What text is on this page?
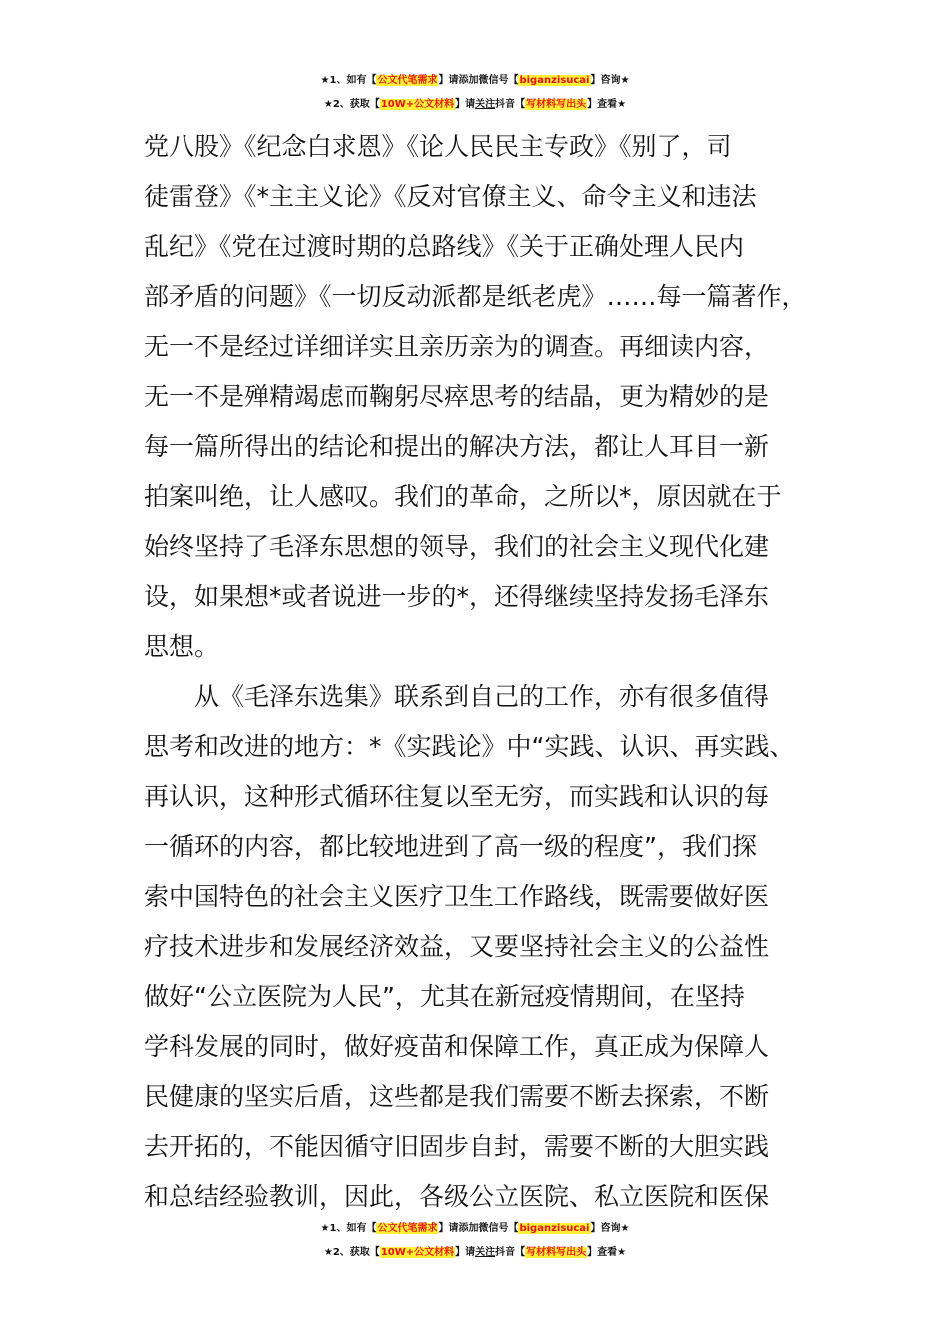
★1、如有【公文代笔需求】请添加微信号【biganzisucai】咨询★
★2、获取【10W+公文材料】请关注抖音【写材料写出头】查看★
党八股》《纪念白求恩》《论人民民主专政》《别了，司
徒雷登》《*主主义论》《反对官僚主义、命令主义和违法
乱纪》《党在过渡时期的总路线》《关于正确处理人民内
部矛盾的问题》《一切反动派都是纸老虎》……每一篇著作，
无一不是经过详细详实且亲历亲为的调查。再细读内容，
无一不是殚精竭虑而鞠躬尽瘁思考的结晶，更为精妙的是
每一篇所得出的结论和提出的解决方法，都让人耳目一新
拍案叫绝，让人感叹。我们的革命，之所以*，原因就在于
始终坚持了毛泽东思想的领导，我们的社会主义现代化建
设，如果想*或者说进一步的*，还得继续坚持发扬毛泽东
思想。
从《毛泽东选集》联系到自己的工作，亦有很多值得
思考和改进的地方：*《实践论》中“实践、认识、再实践、
再认识，这种形式循环往复以至无穷，而实践和认识的每
一循环的内容，都比较地进到了高一级的程度”，我们探
索中国特色的社会主义医疗卫生工作路线，既需要做好医
疗技术进步和发展经济效益，又要坚持社会主义的公益性
做好“公立医院为人民”，尤其在新冠疫情期间，在坚持
学科发展的同时，做好疫苗和保障工作，真正成为保障人
民健康的坚实后盾，这些都是我们需要不断去探索，不断
去开拓的，不能因循守旧固步自封，需要不断的大胆实践
和总结经验教训，因此，各级公立医院、私立医院和医保
★1、如有【公文代笔需求】请添加微信号【biganzisucai】咨询★
★2、获取【10W+公文材料】请关注抖音【写材料写出头】查看★
